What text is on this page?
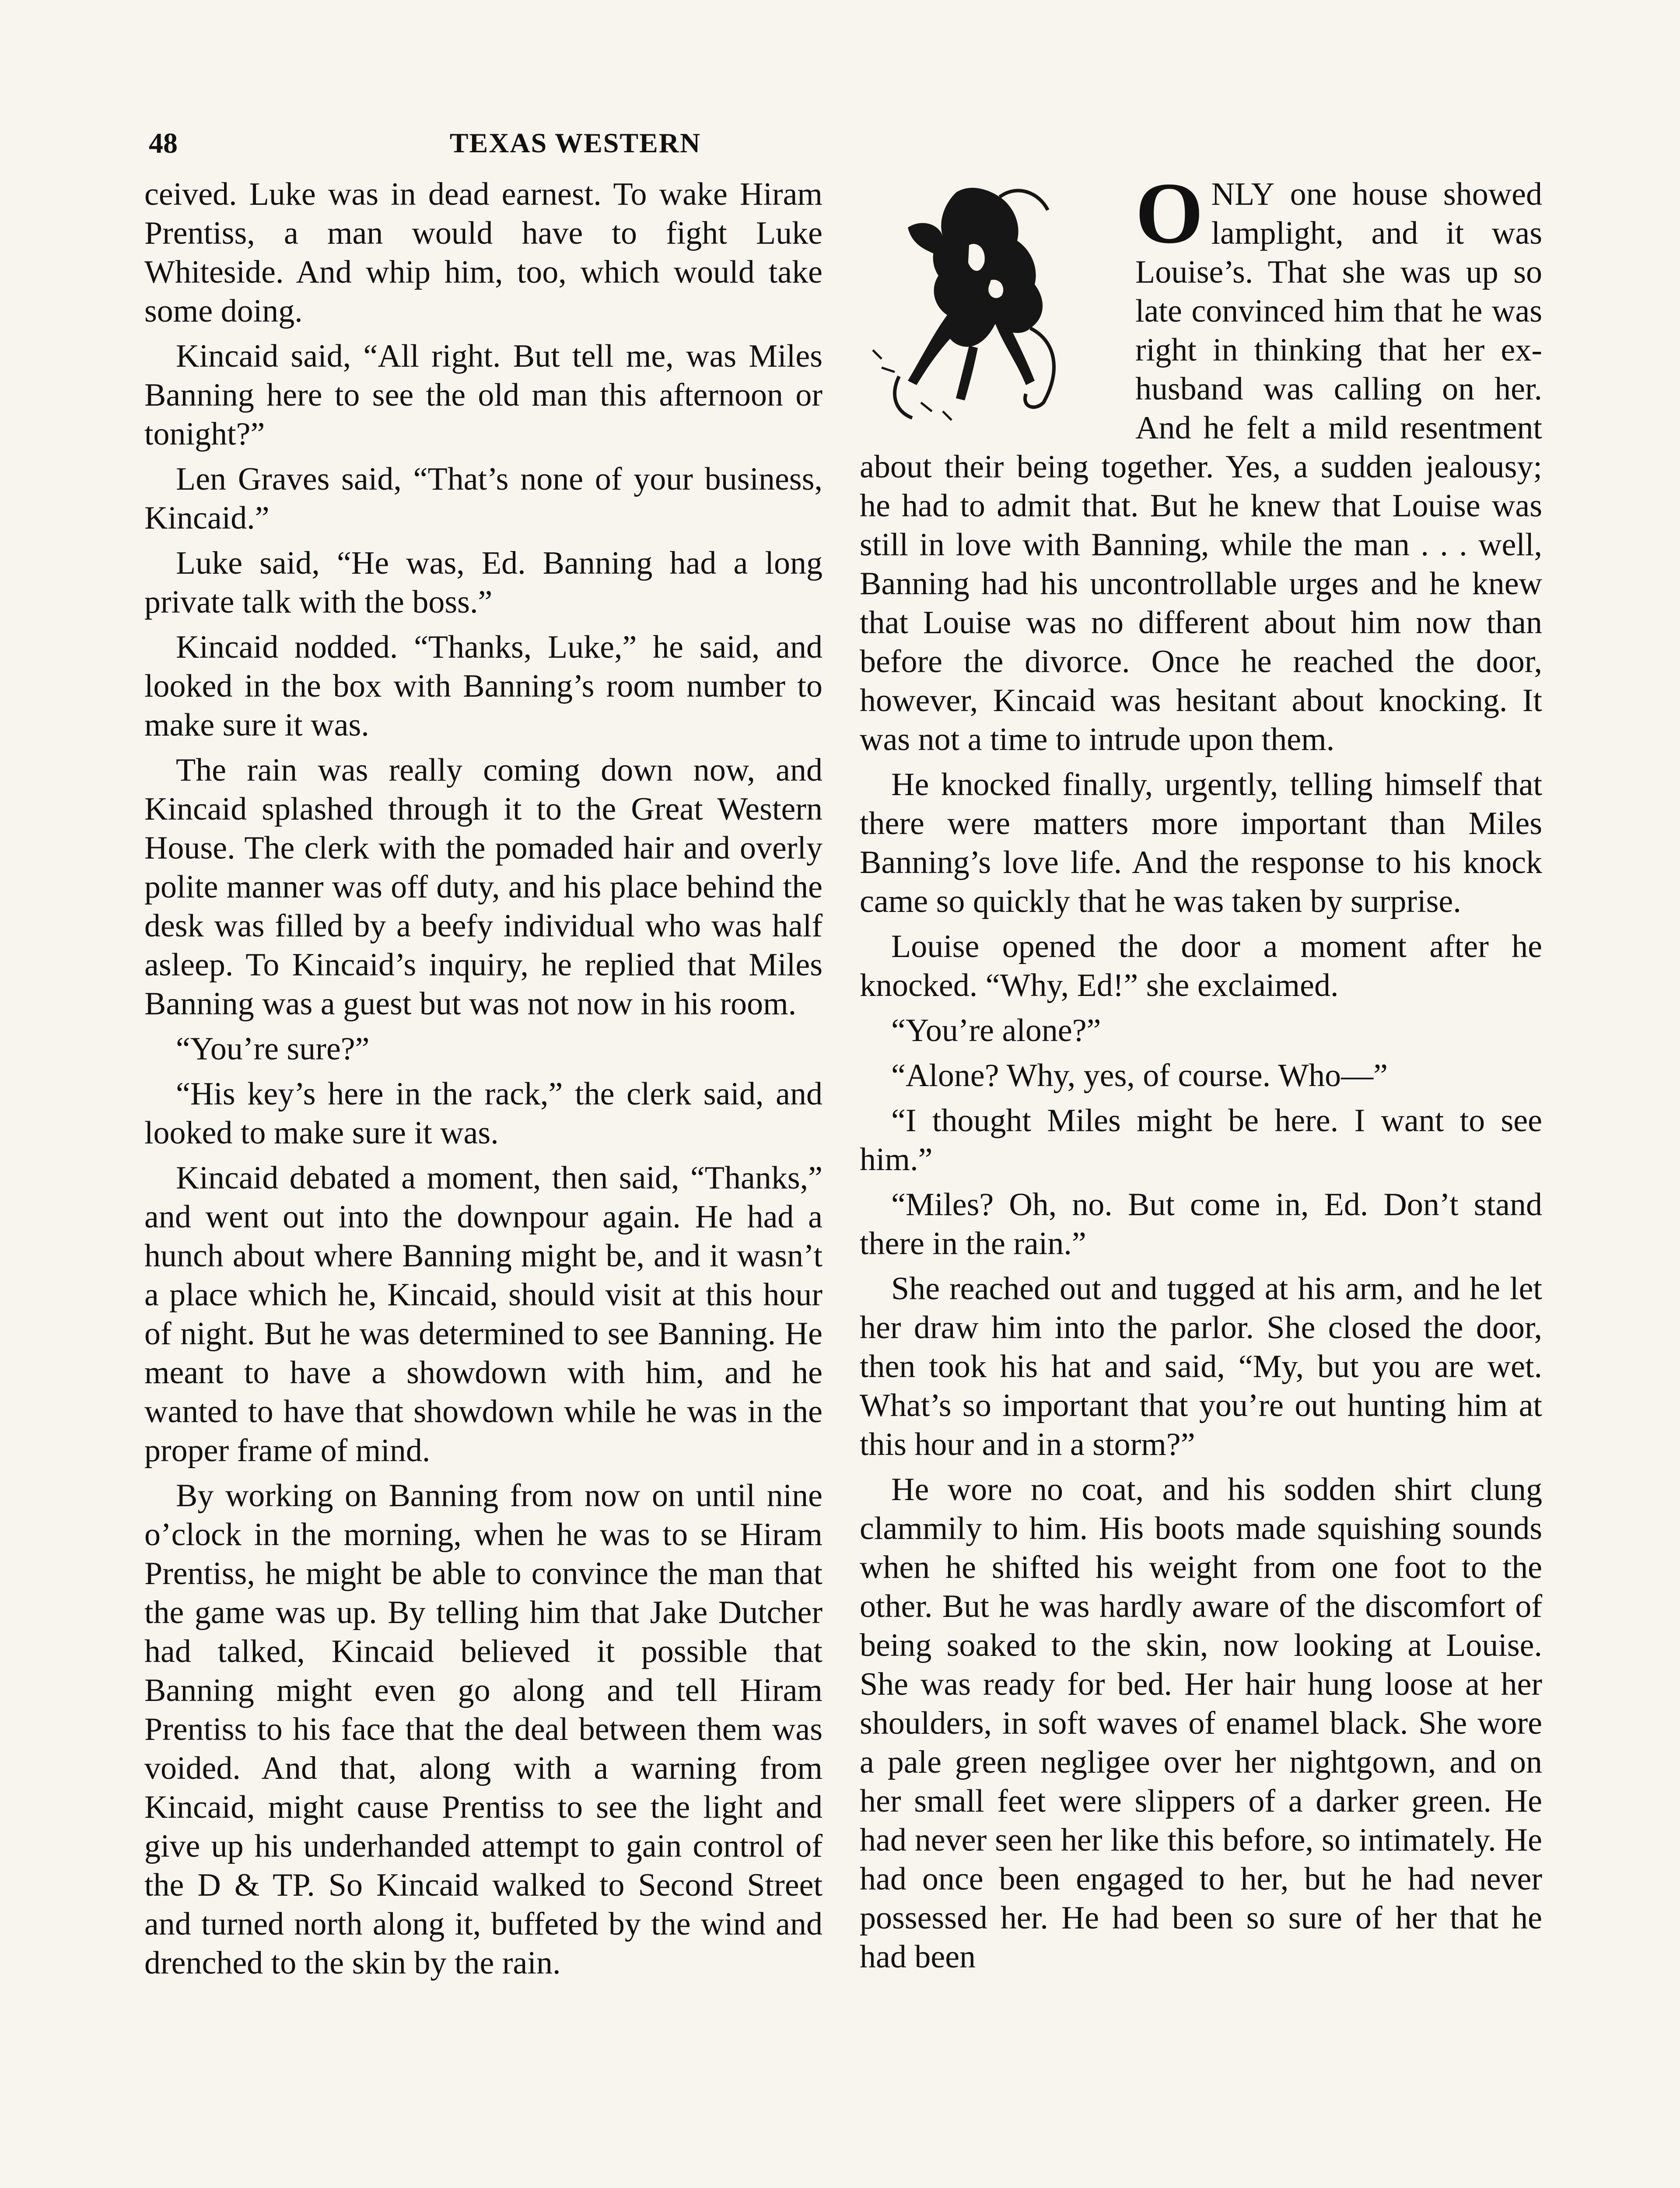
48	TEXAS WESTERN

ceived. Luke was in dead earnest. To wake Hiram Prentiss, a man would have to fight Luke Whiteside. And whip him, too, which would take some doing.

Kincaid said, “All right. But tell me, was Miles Banning here to see the old man this afternoon or tonight?”

Len Graves said, “That’s none of your business, Kincaid.”

Luke said, “He was, Ed. Banning had a long private talk with the boss.”

Kincaid nodded. “Thanks, Luke,” he said, and looked in the box with Banning’s room number to make sure it was.

The rain was really coming down now, and Kincaid splashed through it to the Great Western House. The clerk with the pomaded hair and overly polite manner was off duty, and his place behind the desk was filled by a beefy individual who was half asleep. To Kincaid’s inquiry, he replied that Miles Banning was a guest but was not now in his room.

“You’re sure?”

“His key’s here in the rack,” the clerk said, and looked to make sure it was.

Kincaid debated a moment, then said, “Thanks,” and went out into the downpour again. He had a hunch about where Banning might be, and it wasn’t a place which he, Kincaid, should visit at this hour of night. But he was determined to see Banning. He meant to have a showdown with him, and he wanted to have that showdown while he was in the proper frame of mind.

By working on Banning from now on until nine o’clock in the morning, when he was to se Hiram Prentiss, he might be able to convince the man that the game was up. By telling him that Jake Dutcher had talked, Kincaid believed it possible that Banning might even go along and tell Hiram Prentiss to his face that the deal between them was voided. And that, along with a warning from Kincaid, might cause Prentiss to see the light and give up his underhanded attempt to gain control of the D & TP. So Kincaid walked to Second Street and turned north along it, buffeted by the wind and drenched to the skin by the rain.

ONLY one house showed lamplight, and it was Louise’s. That she was up so late convinced him that he was right in thinking that her ex-husband was calling on her. And he felt a mild resentment about their being together. Yes, a sudden jealousy; he had to admit that. But he knew that Louise was still in love with Banning, while the man . . . well, Banning had his uncontrollable urges and he knew that Louise was no different about him now than before the divorce. Once he reached the door, however, Kincaid was hesitant about knocking. It was not a time to intrude upon them.

He knocked finally, urgently, telling himself that there were matters more important than Miles Banning’s love life. And the response to his knock came so quickly that he was taken by surprise.

Louise opened the door a moment after he knocked. “Why, Ed!” she exclaimed.

“You’re alone?”

“Alone? Why, yes, of course. Who—”

“I thought Miles might be here. I want to see him.”

“Miles? Oh, no. But come in, Ed. Don’t stand there in the rain.”

She reached out and tugged at his arm, and he let her draw him into the parlor. She closed the door, then took his hat and said, “My, but you are wet. What’s so important that you’re out hunting him at this hour and in a storm?”

He wore no coat, and his sodden shirt clung clammily to him. His boots made squishing sounds when he shifted his weight from one foot to the other. But he was hardly aware of the discomfort of being soaked to the skin, now looking at Louise. She was ready for bed. Her hair hung loose at her shoulders, in soft waves of enamel black. She wore a pale green negligee over her nightgown, and on her small feet were slippers of a darker green. He had never seen her like this before, so intimately. He had once been engaged to her, but he had never possessed her. He had been so sure of her that he had been
